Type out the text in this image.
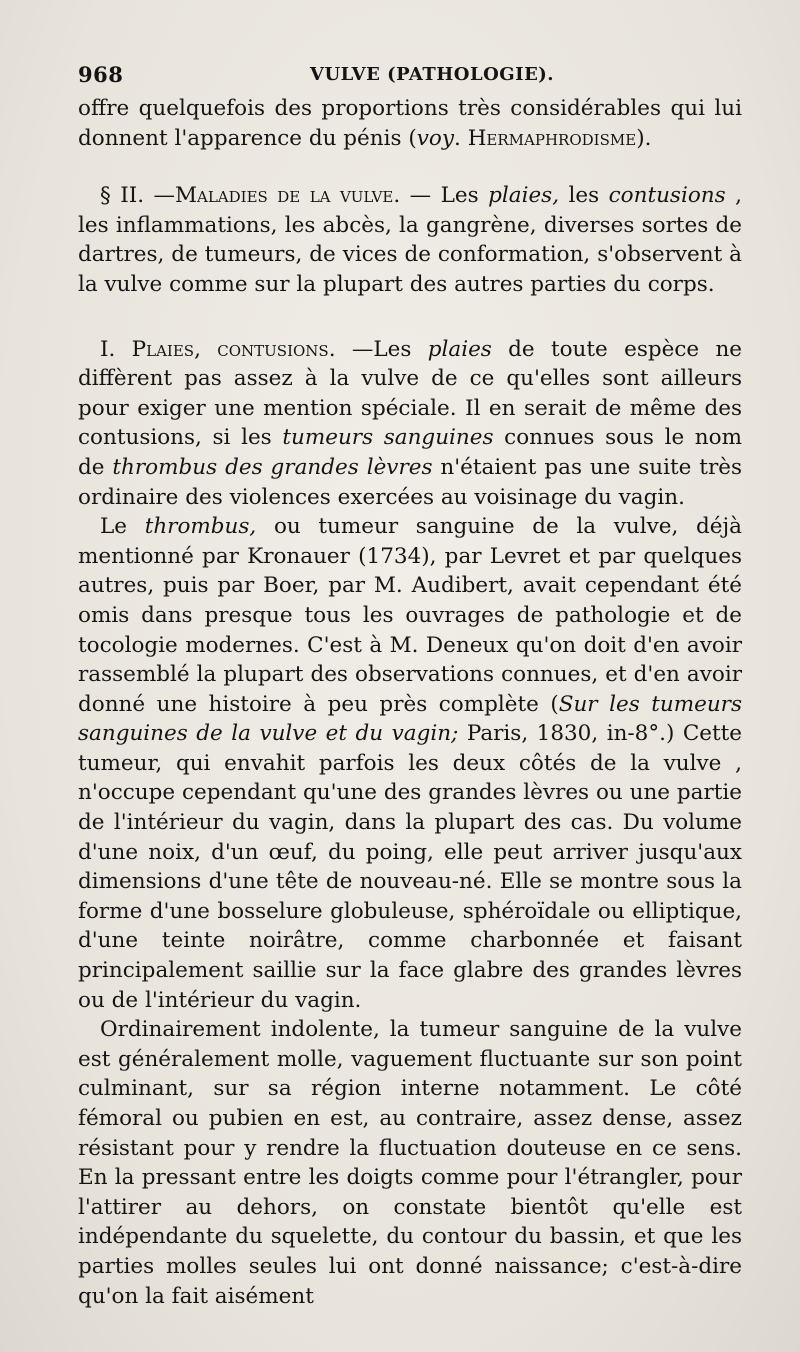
968	VULVE (PATHOLOGIE).

offre quelquefois des proportions très considérables qui lui donnent l'apparence du pénis (voy. Hermaphrodisme).

§ II. —Maladies de la vulve. — Les plaies, les contusions , les inflammations, les abcès, la gangrène, diverses sortes de dartres, de tumeurs, de vices de conformation, s'observent à la vulve comme sur la plupart des autres parties du corps.

I. Plaies, contusions. —Les plaies de toute espèce ne diffèrent pas assez à la vulve de ce qu'elles sont ailleurs pour exiger une mention spéciale. Il en serait de même des contusions, si les tumeurs sanguines connues sous le nom de thrombus des grandes lèvres n'étaient pas une suite très ordinaire des violences exercées au voisinage du vagin.

Le thrombus, ou tumeur sanguine de la vulve, déjà mentionné par Kronauer (1734), par Levret et par quelques autres, puis par Boer, par M. Audibert, avait cependant été omis dans presque tous les ouvrages de pathologie et de tocologie modernes. C'est à M. Deneux qu'on doit d'en avoir rassemblé la plupart des observations connues, et d'en avoir donné une histoire à peu près complète (Sur les tumeurs sanguines de la vulve et du vagin; Paris, 1830, in-8°.) Cette tumeur, qui envahit parfois les deux côtés de la vulve , n'occupe cependant qu'une des grandes lèvres ou une partie de l'intérieur du vagin, dans la plupart des cas. Du volume d'une noix, d'un œuf, du poing, elle peut arriver jusqu'aux dimensions d'une tête de nouveau-né. Elle se montre sous la forme d'une bosselure globuleuse, sphéroïdale ou elliptique, d'une teinte noirâtre, comme charbonnée et faisant principalement saillie sur la face glabre des grandes lèvres ou de l'intérieur du vagin.

Ordinairement indolente, la tumeur sanguine de la vulve est généralement molle, vaguement fluctuante sur son point culminant, sur sa région interne notamment. Le côté fémoral ou pubien en est, au contraire, assez dense, assez résistant pour y rendre la fluctuation douteuse en ce sens. En la pressant entre les doigts comme pour l'étrangler, pour l'attirer au dehors, on constate bientôt qu'elle est indépendante du squelette, du contour du bassin, et que les parties molles seules lui ont donné naissance; c'est-à-dire qu'on la fait aisément
